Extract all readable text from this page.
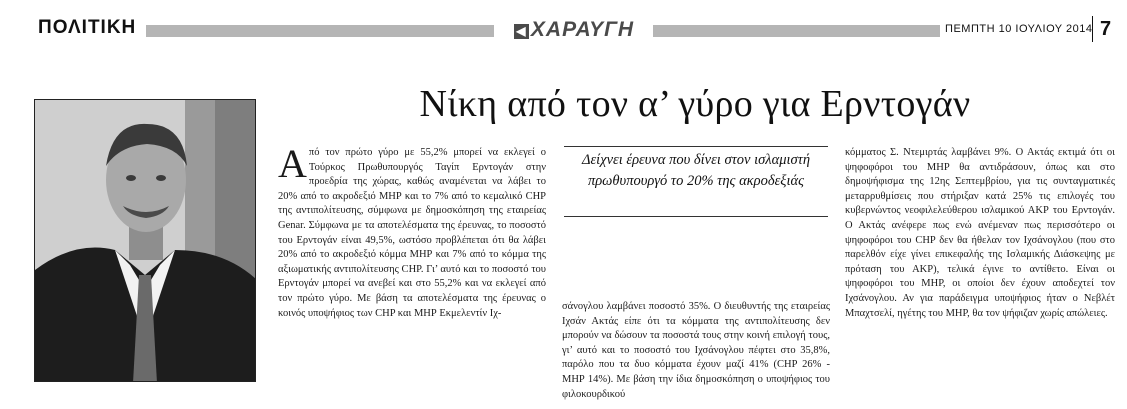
ΠΟΛΙΤΙΚΗ	◀ ΧΑΡΑΥΓΗ	ΠΕΜΠΤΗ 10 ΙΟΥΛΙΟΥ 2014 7
Νίκη από τον α’ γύρο για Ερντογάν

Από τον πρώτο γύρο με 55,2% μπορεί να εκλεγεί ο Τούρκος Πρωθυπουργός Ταγίπ Ερντογάν στην προεδρία της χώρας, καθώς αναμένεται να λάβει το 20% από το ακροδεξιό ΜΗΡ και το 7% από το κεμαλικό CHP της αντιπολίτευσης, σύμφωνα με δημοσκόπηση της εταιρείας Genar. Σύμφωνα με τα αποτελέσματα της έρευνας, το ποσοστό του Ερντογάν είναι 49,5%, ωστόσο προβλέπεται ότι θα λάβει 20% από το ακροδεξιό κόμμα ΜΗΡ και 7% από το κόμμα της αξιωματικής αντιπολίτευσης CHP. Γι’ αυτό και το ποσοστό του Ερντογάν μπορεί να ανεβεί και στο 55,2% και να εκλεγεί από τον πρώτο γύρο. Με βάση τα αποτελέσματα της έρευνας ο κοινός υποψήφιος των CHP και ΜΗΡ Εκμελεντίν Ιχ-

Δείχνει έρευνα που δίνει στον ισλαμιστή πρωθυπουργό το 20% της ακροδεξιάς

σάνογλου λαμβάνει ποσοστό 35%. Ο διευθυντής της εταιρείας Ιχσάν Ακτάς είπε ότι τα κόμματα της αντιπολίτευσης δεν μπορούν να δώσουν τα ποσοστά τους στην κοινή επιλογή τους, γι’ αυτό και το ποσοστό του Ιχσάνογλου πέφτει στο 35,8%, παρόλο που τα δυο κόμματα έχουν μαζί 41% (CHP 26% - ΜΗΡ 14%). Με βάση την ίδια δημοσκόπηση ο υποψήφιος του φιλοκουρδικού

κόμματος Σ. Ντεμιρτάς λαμβάνει 9%. Ο Ακτάς εκτιμά ότι οι ψηφοφόροι του ΜΗΡ θα αντιδράσουν, όπως και στο δημοψήφισμα της 12ης Σεπτεμβρίου, για τις συνταγματικές μεταρρυθμίσεις που στήριξαν κατά 25% τις επιλογές του κυβερνώντος νεοφιλελεύθερου ισλαμικού ΑΚΡ του Ερντογάν. Ο Ακτάς ανέφερε πως ενώ ανέμεναν πως περισσότερο οι ψηφοφόροι του CHP δεν θα ήθελαν τον Ιχσάνογλου (που στο παρελθόν είχε γίνει επικεφαλής της Ισλαμικής Διάσκεψης με πρόταση του ΑΚΡ), τελικά έγινε το αντίθετο. Είναι οι ψηφοφόροι του ΜΗΡ, οι οποίοι δεν έχουν αποδεχτεί τον Ιχσάνογλου. Αν για παράδειγμα υποψήφιος ήταν ο Νεβλέτ Μπαχτσελί, ηγέτης του ΜΗΡ, θα τον ψήφιζαν χωρίς απώλειες.
